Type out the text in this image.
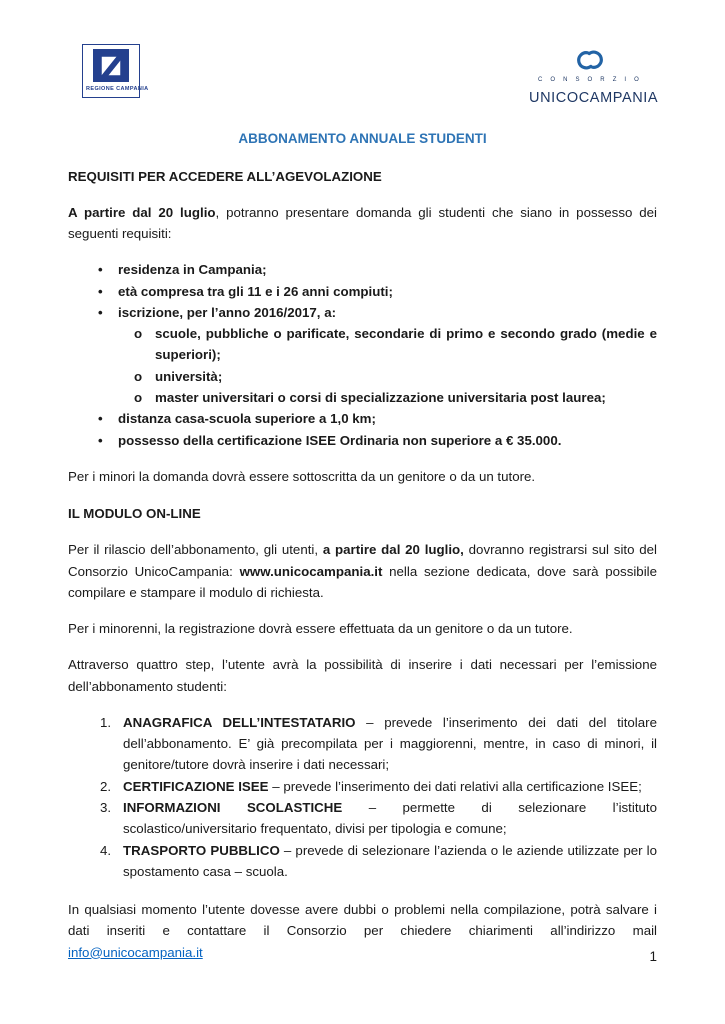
REGIONE CAMPANIA
C O N S O R Z I O
UNICOCAMPANIA
ABBONAMENTO ANNUALE STUDENTI
REQUISITI PER ACCEDERE ALL’AGEVOLAZIONE

A partire dal 20 luglio, potranno presentare domanda gli studenti che siano in possesso dei seguenti requisiti:

• residenza in Campania;
• età compresa tra gli 11 e i 26 anni compiuti;
• iscrizione, per l’anno 2016/2017, a:
o scuole, pubbliche o parificate, secondarie di primo e secondo grado (medie e superiori);
o università;
o master universitari o corsi di specializzazione universitaria post laurea;
• distanza casa-scuola superiore a 1,0 km;
• possesso della certificazione ISEE Ordinaria non superiore a € 35.000.

Per i minori la domanda dovrà essere sottoscritta da un genitore o da un tutore.

IL MODULO ON-LINE

Per il rilascio dell’abbonamento, gli utenti, a partire dal 20 luglio, dovranno registrarsi sul sito del Consorzio UnicoCampania: www.unicocampania.it nella sezione dedicata, dove sarà possibile compilare e stampare il modulo di richiesta.

Per i minorenni, la registrazione dovrà essere effettuata da un genitore o da un tutore.

Attraverso quattro step, l’utente avrà la possibilità di inserire i dati necessari per l’emissione dell’abbonamento studenti:

1. ANAGRAFICA DELL’INTESTATARIO – prevede l’inserimento dei dati del titolare dell’abbonamento. E’ già precompilata per i maggiorenni, mentre, in caso di minori, il genitore/tutore dovrà inserire i dati necessari;
2. CERTIFICAZIONE ISEE – prevede l’inserimento dei dati relativi alla certificazione ISEE;
3. INFORMAZIONI SCOLASTICHE – permette di selezionare l’istituto scolastico/universitario frequentato, divisi per tipologia e comune;
4. TRASPORTO PUBBLICO – prevede di selezionare l’azienda o le aziende utilizzate per lo spostamento casa – scuola.

In qualsiasi momento l’utente dovesse avere dubbi o problemi nella compilazione, potrà salvare i dati inseriti e contattare il Consorzio per chiedere chiarimenti all’indirizzo mail

info@unicocampania.it	1
